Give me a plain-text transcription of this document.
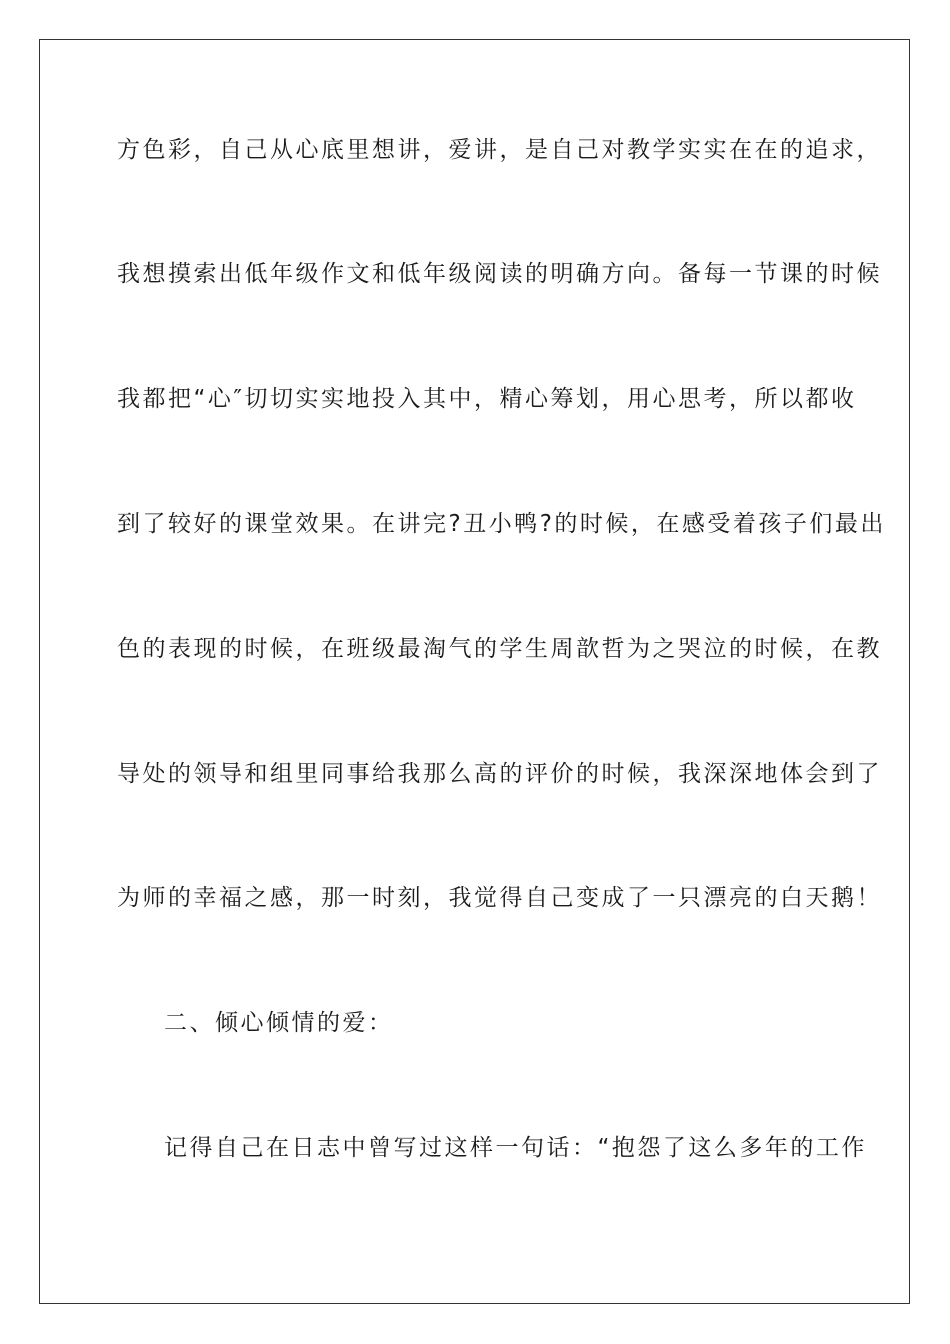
方色彩，自己从心底里想讲，爱讲，是自己对教学实实在在的追求，
我想摸索出低年级作文和低年级阅读的明确方向。备每一节课的时候
我都把“心″切切实实地投入其中，精心筹划，用心思考，所以都收
到了较好的课堂效果。在讲完?丑小鸭?的时候，在感受着孩子们最出
色的表现的时候，在班级最淘气的学生周歆哲为之哭泣的时候，在教
导处的领导和组里同事给我那么高的评价的时候，我深深地体会到了
为师的幸福之感，那一时刻，我觉得自己变成了一只漂亮的白天鹅！
二、倾心倾情的爱：
记得自己在日志中曾写过这样一句话：“抱怨了这么多年的工作
